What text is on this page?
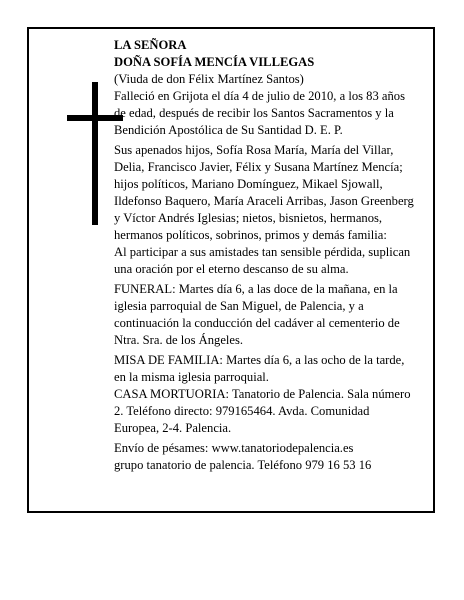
LA SEÑORA

DOÑA SOFÍA MENCÍA VILLEGAS

(Viuda de don Félix Martínez Santos)

Falleció en Grijota el día 4 de julio de 2010, a los 83 años de edad, después de recibir los Santos Sacramentos y la Bendición Apostólica de Su Santidad D. E. P.

Sus apenados hijos, Sofía Rosa María, María del Villar, Delia, Francisco Javier, Félix y Susana Martínez Mencía; hijos políticos, Mariano Domínguez, Mikael Sjowall, Ildefonso Baquero, María Araceli Arribas, Jason Greenberg y Víctor Andrés Iglesias; nietos, bisnietos, hermanos, hermanos políticos, sobrinos, primos y demás familia:

Al participar a sus amistades tan sensible pérdida, suplican una oración por el eterno descanso de su alma.

FUNERAL: Martes día 6, a las doce de la mañana, en la iglesia parroquial de San Miguel, de Palencia, y a continuación la conducción del cadáver al cementerio de Ntra. Sra. de los Ángeles.

MISA DE FAMILIA: Martes día 6, a las ocho de la tarde, en la misma iglesia parroquial.

CASA MORTUORIA: Tanatorio de Palencia. Sala número 2. Teléfono directo: 979165464. Avda. Comunidad Europea, 2-4. Palencia.

Envío de pésames: www.tanatoriodepalencia.es

grupo tanatorio de palencia. Teléfono 979 16 53 16
